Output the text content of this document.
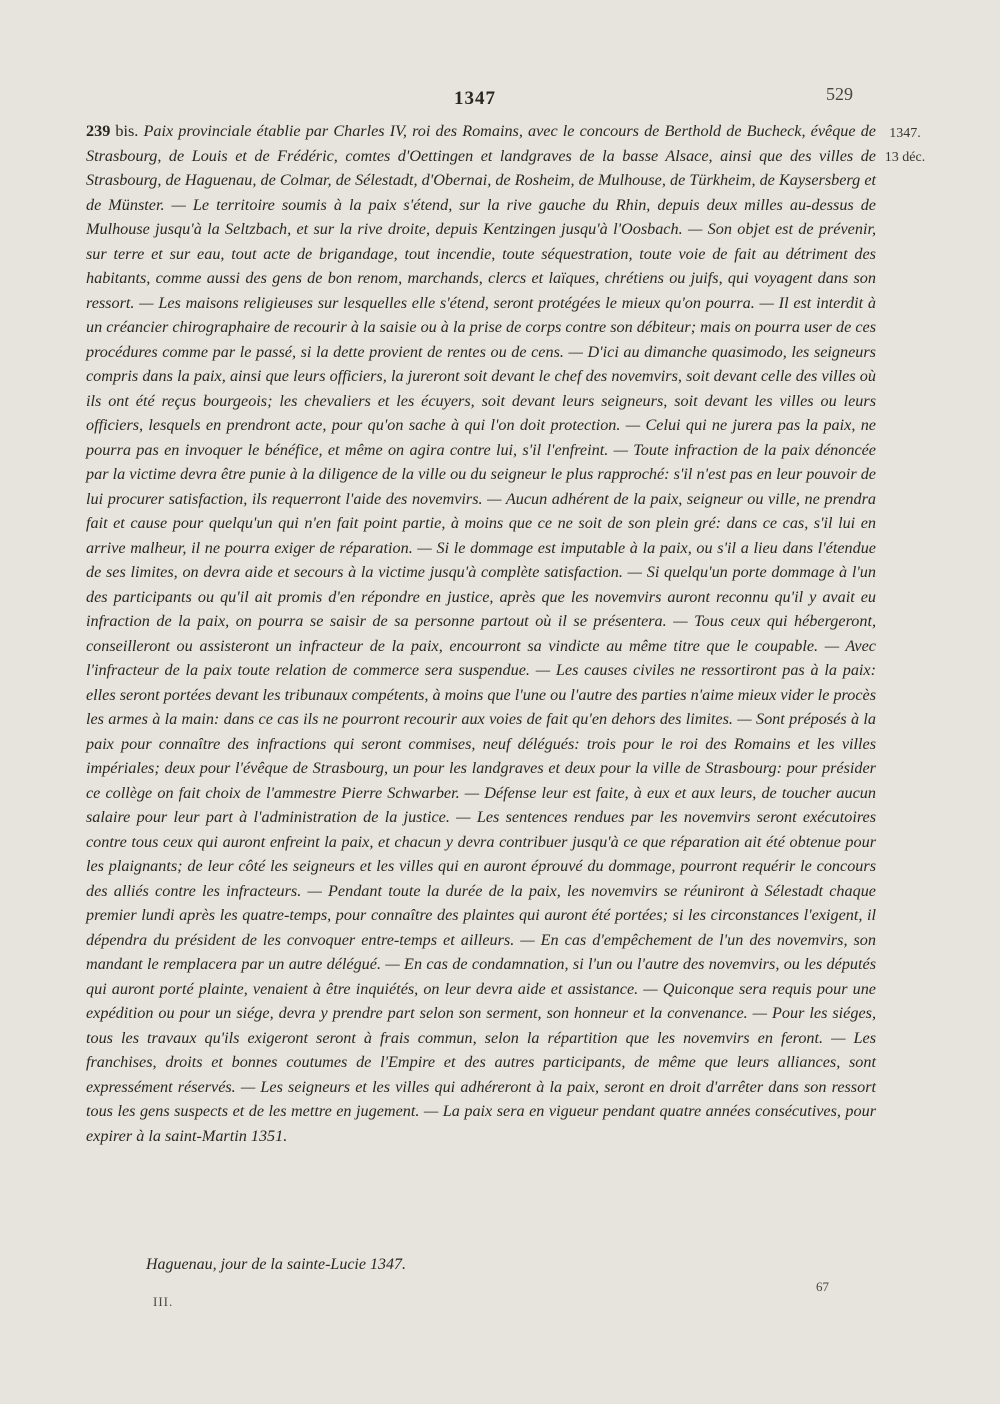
1347	529
1347.
13 déc.
239 bis. Paix provinciale établie par Charles IV, roi des Romains, avec le concours de Berthold de Bucheck, évêque de Strasbourg, de Louis et de Frédéric, comtes d'Oettingen et landgraves de la basse Alsace, ainsi que des villes de Strasbourg, de Haguenau, de Colmar, de Sélestadt, d'Obernai, de Rosheim, de Mulhouse, de Türkheim, de Kaysersberg et de Münster. — Le territoire soumis à la paix s'étend, sur la rive gauche du Rhin, depuis deux milles au-dessus de Mulhouse jusqu'à la Seltzbach, et sur la rive droite, depuis Kentzingen jusqu'à l'Oosbach. — Son objet est de prévenir, sur terre et sur eau, tout acte de brigandage, tout incendie, toute séquestration, toute voie de fait au détriment des habitants, comme aussi des gens de bon renom, marchands, clercs et laïques, chrétiens ou juifs, qui voyagent dans son ressort. — Les maisons religieuses sur lesquelles elle s'étend, seront protégées le mieux qu'on pourra. — Il est interdit à un créancier chirographaire de recourir à la saisie ou à la prise de corps contre son débiteur; mais on pourra user de ces procédures comme par le passé, si la dette provient de rentes ou de cens. — D'ici au dimanche quasimodo, les seigneurs compris dans la paix, ainsi que leurs officiers, la jureront soit devant le chef des novemvirs, soit devant celle des villes où ils ont été reçus bourgeois; les chevaliers et les écuyers, soit devant leurs seigneurs, soit devant les villes ou leurs officiers, lesquels en prendront acte, pour qu'on sache à qui l'on doit protection. — Celui qui ne jurera pas la paix, ne pourra pas en invoquer le bénéfice, et même on agira contre lui, s'il l'enfreint. — Toute infraction de la paix dénoncée par la victime devra être punie à la diligence de la ville ou du seigneur le plus rapproché: s'il n'est pas en leur pouvoir de lui procurer satisfaction, ils requerront l'aide des novemvirs. — Aucun adhérent de la paix, seigneur ou ville, ne prendra fait et cause pour quelqu'un qui n'en fait point partie, à moins que ce ne soit de son plein gré: dans ce cas, s'il lui en arrive malheur, il ne pourra exiger de réparation. — Si le dommage est imputable à la paix, ou s'il a lieu dans l'étendue de ses limites, on devra aide et secours à la victime jusqu'à complète satisfaction. — Si quelqu'un porte dommage à l'un des participants ou qu'il ait promis d'en répondre en justice, après que les novemvirs auront reconnu qu'il y avait eu infraction de la paix, on pourra se saisir de sa personne partout où il se présentera. — Tous ceux qui hébergeront, conseilleront ou assisteront un infracteur de la paix, encourront sa vindicte au même titre que le coupable. — Avec l'infracteur de la paix toute relation de commerce sera suspendue. — Les causes civiles ne ressortiront pas à la paix: elles seront portées devant les tribunaux compétents, à moins que l'une ou l'autre des parties n'aime mieux vider le procès les armes à la main: dans ce cas ils ne pourront recourir aux voies de fait qu'en dehors des limites. — Sont préposés à la paix pour connaître des infractions qui seront commises, neuf délégués: trois pour le roi des Romains et les villes impériales; deux pour l'évêque de Strasbourg, un pour les landgraves et deux pour la ville de Strasbourg: pour présider ce collège on fait choix de l'ammestre Pierre Schwarber. — Défense leur est faite, à eux et aux leurs, de toucher aucun salaire pour leur part à l'administration de la justice. — Les sentences rendues par les novemvirs seront exécutoires contre tous ceux qui auront enfreint la paix, et chacun y devra contribuer jusqu'à ce que réparation ait été obtenue pour les plaignants; de leur côté les seigneurs et les villes qui en auront éprouvé du dommage, pourront requérir le concours des alliés contre les infracteurs. — Pendant toute la durée de la paix, les novemvirs se réuniront à Sélestadt chaque premier lundi après les quatre-temps, pour connaître des plaintes qui auront été portées; si les circonstances l'exigent, il dépendra du président de les convoquer entre-temps et ailleurs. — En cas d'empêchement de l'un des novemvirs, son mandant le remplacera par un autre délégué. — En cas de condamnation, si l'un ou l'autre des novemvirs, ou les députés qui auront porté plainte, venaient à être inquiétés, on leur devra aide et assistance. — Quiconque sera requis pour une expédition ou pour un siége, devra y prendre part selon son serment, son honneur et la convenance. — Pour les siéges, tous les travaux qu'ils exigeront seront à frais commun, selon la répartition que les novemvirs en feront. — Les franchises, droits et bonnes coutumes de l'Empire et des autres participants, de même que leurs alliances, sont expressément réservés. — Les seigneurs et les villes qui adhéreront à la paix, seront en droit d'arrêter dans son ressort tous les gens suspects et de les mettre en jugement. — La paix sera en vigueur pendant quatre années consécutives, pour expirer à la saint-Martin 1351.
Haguenau, jour de la sainte-Lucie 1347.
III.
67
